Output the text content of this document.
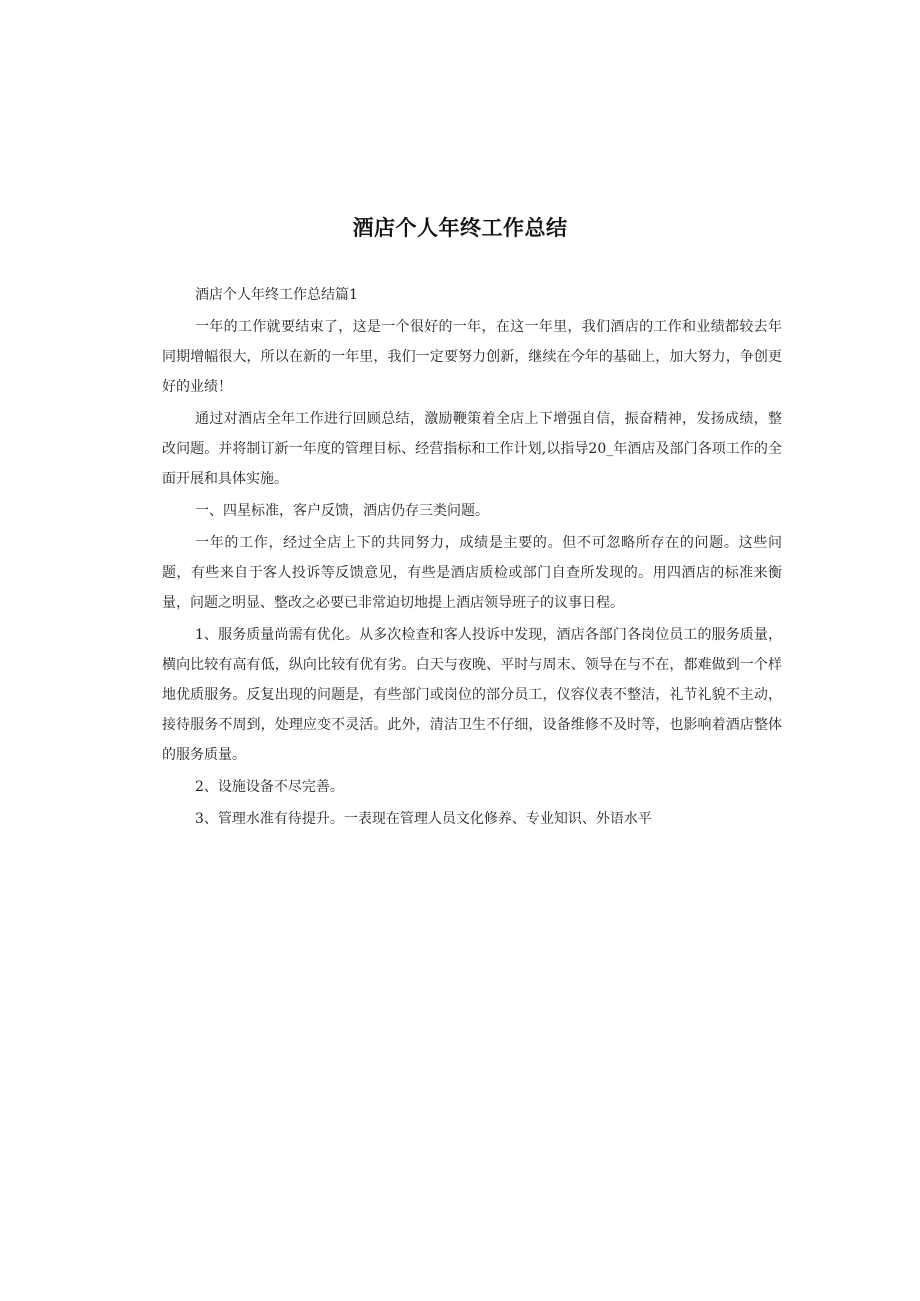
酒店个人年终工作总结

酒店个人年终工作总结篇1

一年的工作就要结束了，这是一个很好的一年，在这一年里，我们酒店的工作和业绩都较去年同期增幅很大，所以在新的一年里，我们一定要努力创新，继续在今年的基础上，加大努力，争创更好的业绩！

通过对酒店全年工作进行回顾总结，激励鞭策着全店上下增强自信，振奋精神，发扬成绩，整改问题。并将制订新一年度的管理目标、经营指标和工作计划,以指导20_年酒店及部门各项工作的全面开展和具体实施。

一、四星标准，客户反馈，酒店仍存三类问题。

一年的工作，经过全店上下的共同努力，成绩是主要的。但不可忽略所存在的问题。这些问题，有些来自于客人投诉等反馈意见，有些是酒店质检或部门自查所发现的。用四酒店的标准来衡量，问题之明显、整改之必要已非常迫切地提上酒店领导班子的议事日程。

1、服务质量尚需有优化。从多次检查和客人投诉中发现，酒店各部门各岗位员工的服务质量，横向比较有高有低，纵向比较有优有劣。白天与夜晚、平时与周末、领导在与不在，都难做到一个样地优质服务。反复出现的问题是，有些部门或岗位的部分员工，仪容仪表不整洁，礼节礼貌不主动，接待服务不周到，处理应变不灵活。此外，清洁卫生不仔细，设备维修不及时等，也影响着酒店整体的服务质量。

2、设施设备不尽完善。

3、管理水准有待提升。一表现在管理人员文化修养、专业知识、外语水平
